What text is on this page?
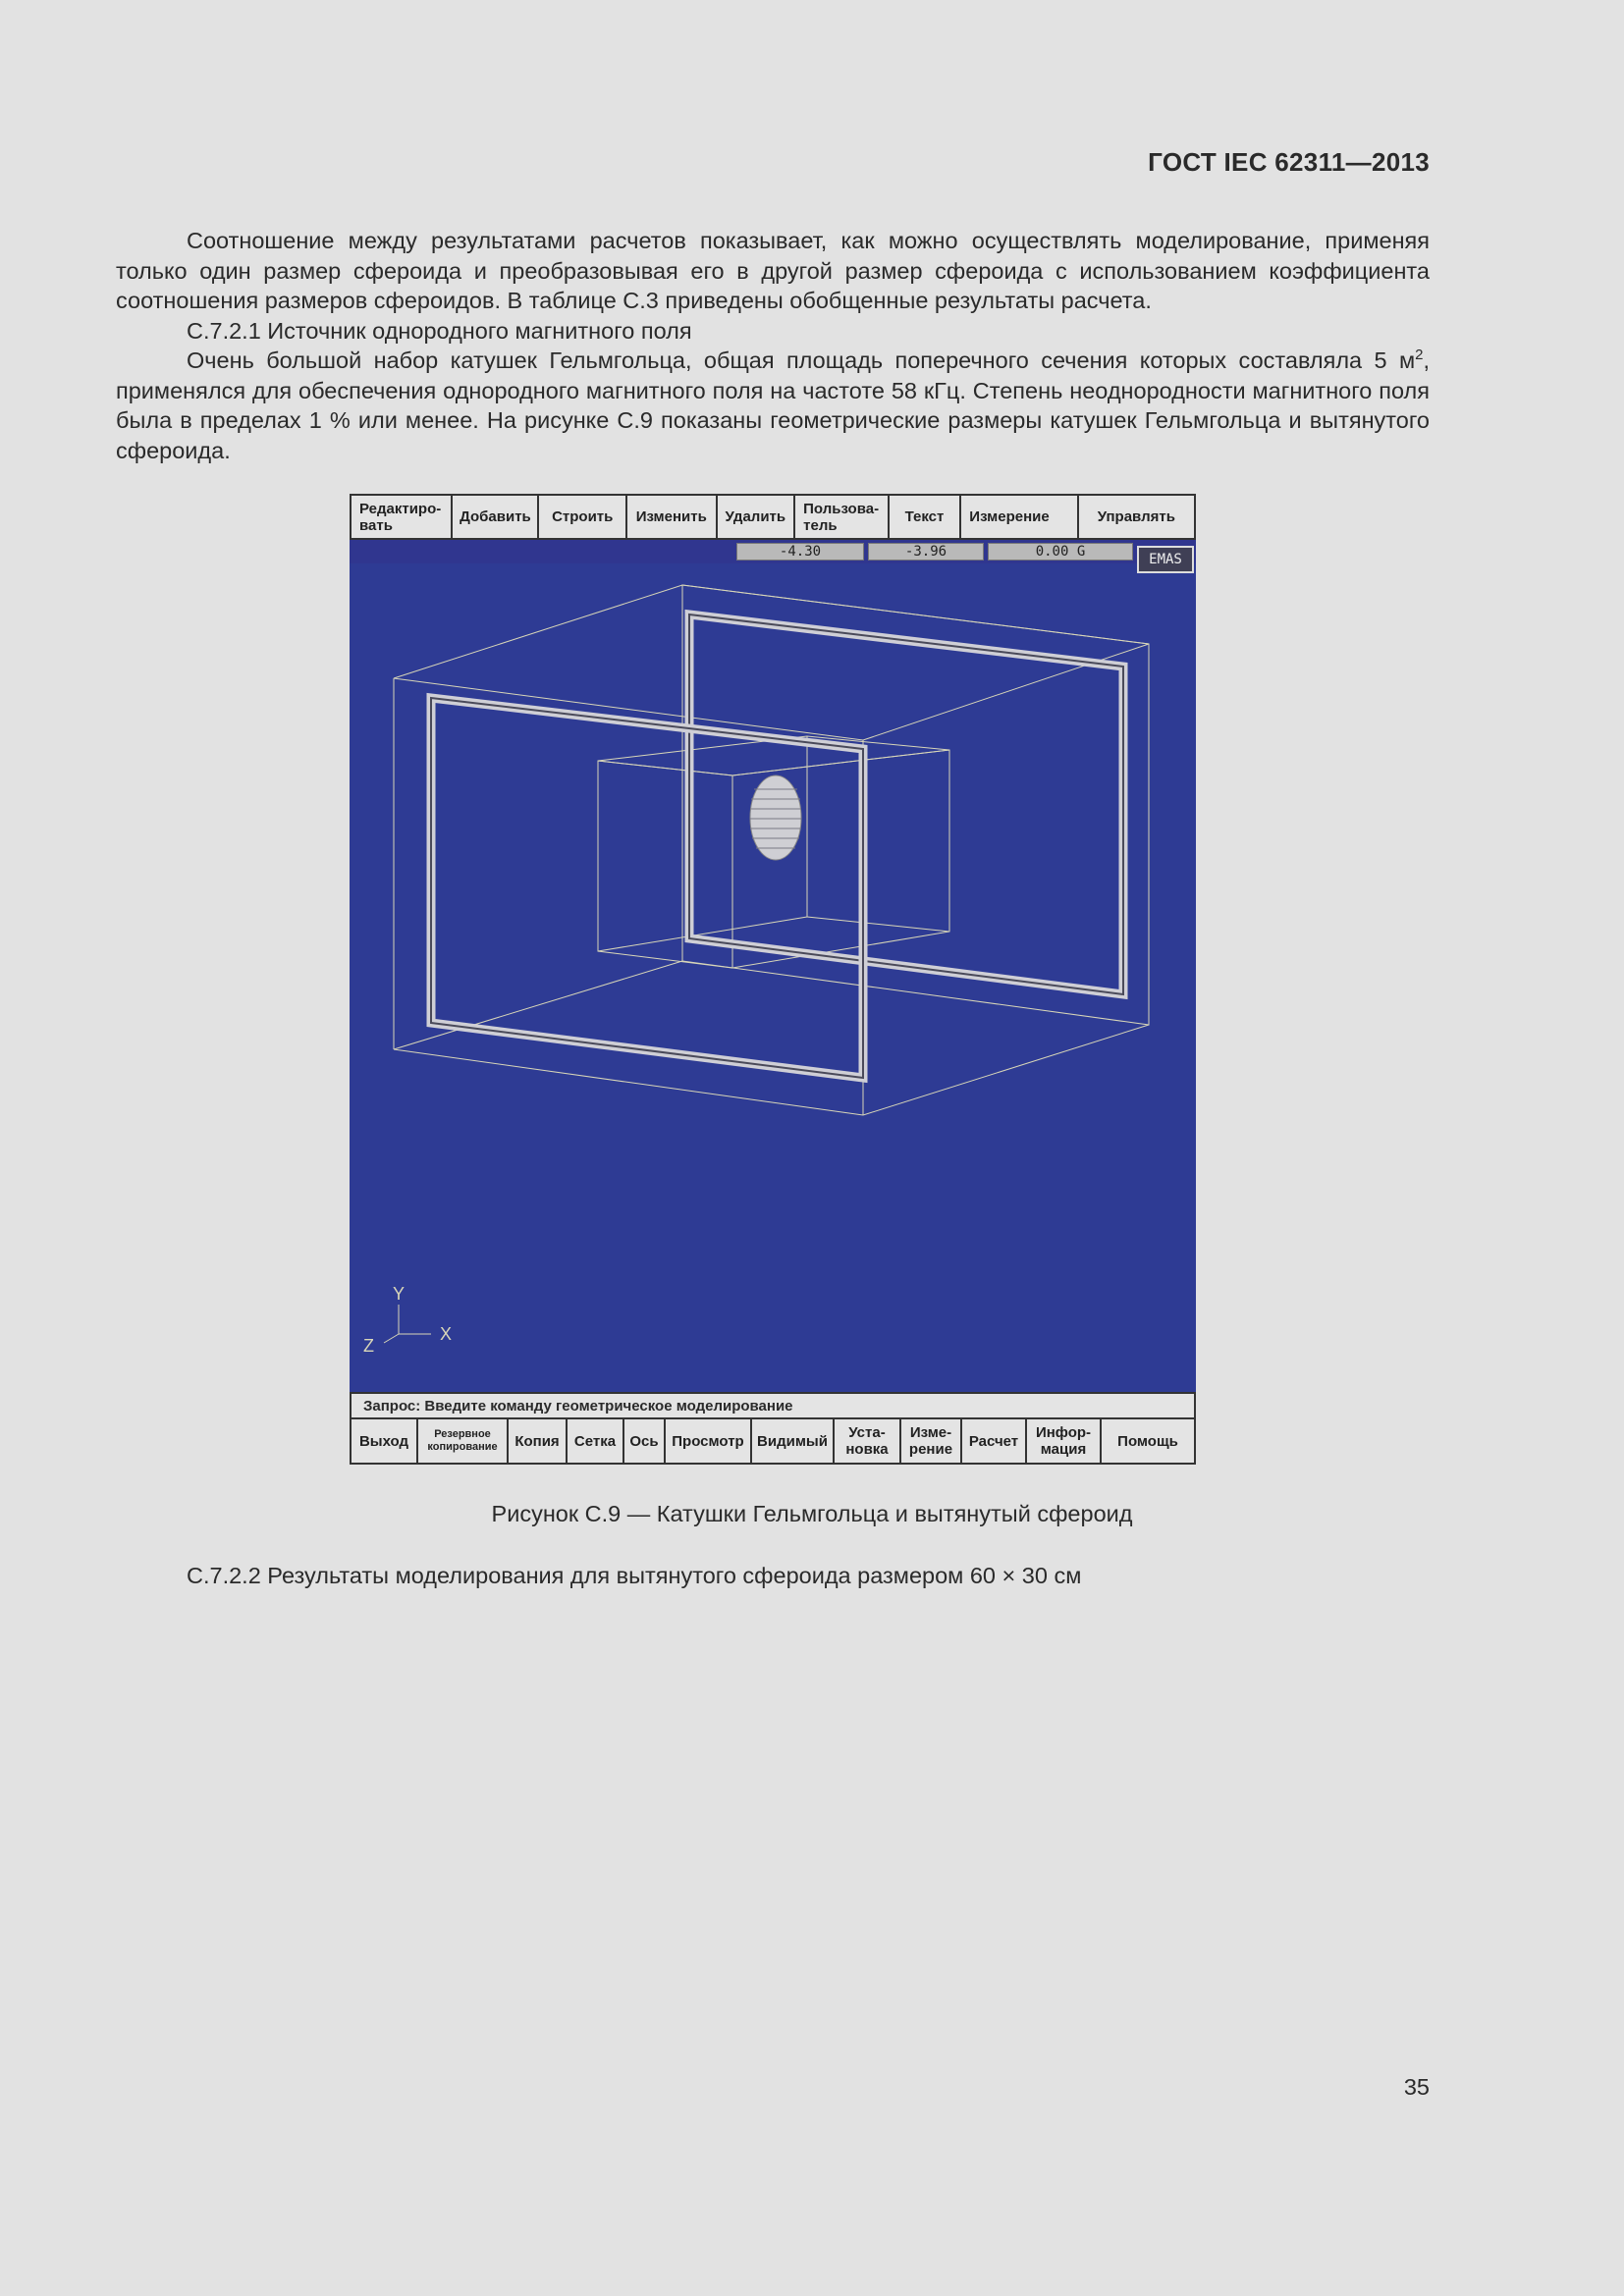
ГОСТ IEC 62311—2013

Соотношение между результатами расчетов показывает, как можно осуществлять моделирование, применяя только один размер сфероида и преобразовывая его в другой размер сфероида с использованием коэффициента соотношения размеров сфероидов. В таблице C.3 приведены обобщенные результаты расчета.

C.7.2.1 Источник однородного магнитного поля

Очень большой набор катушек Гельмгольца, общая площадь поперечного сечения которых составляла 5 $м^2$, применялся для обеспечения однородного магнитного поля на частоте 58 кГц. Степень неоднородности магнитного поля была в пределах 1 % или менее. На рисунке C.9 показаны геометрические размеры катушек Гельмгольца и вытянутого сфероида.

Редактиро-
вать	Добавить	Строить	Изменить	Удалить	Пользова-
тель	Текст	Измерение	Управлять
-4.30	-3.96	0.00 G
Y
X
Z
EMAS
Запрос: Введите команду геометрическое моделирование
Выход	Резервное
копирование	Копия	Сетка Ось Просмотр Видимый	Уста-
новка
Изме-
рение	Расчет	Инфор-
мация	Помощь
Рисунок C.9 — Катушки Гельмгольца и вытянутый сфероид
C.7.2.2 Результаты моделирования для вытянутого сфероида размером 60 × 30 см
35
